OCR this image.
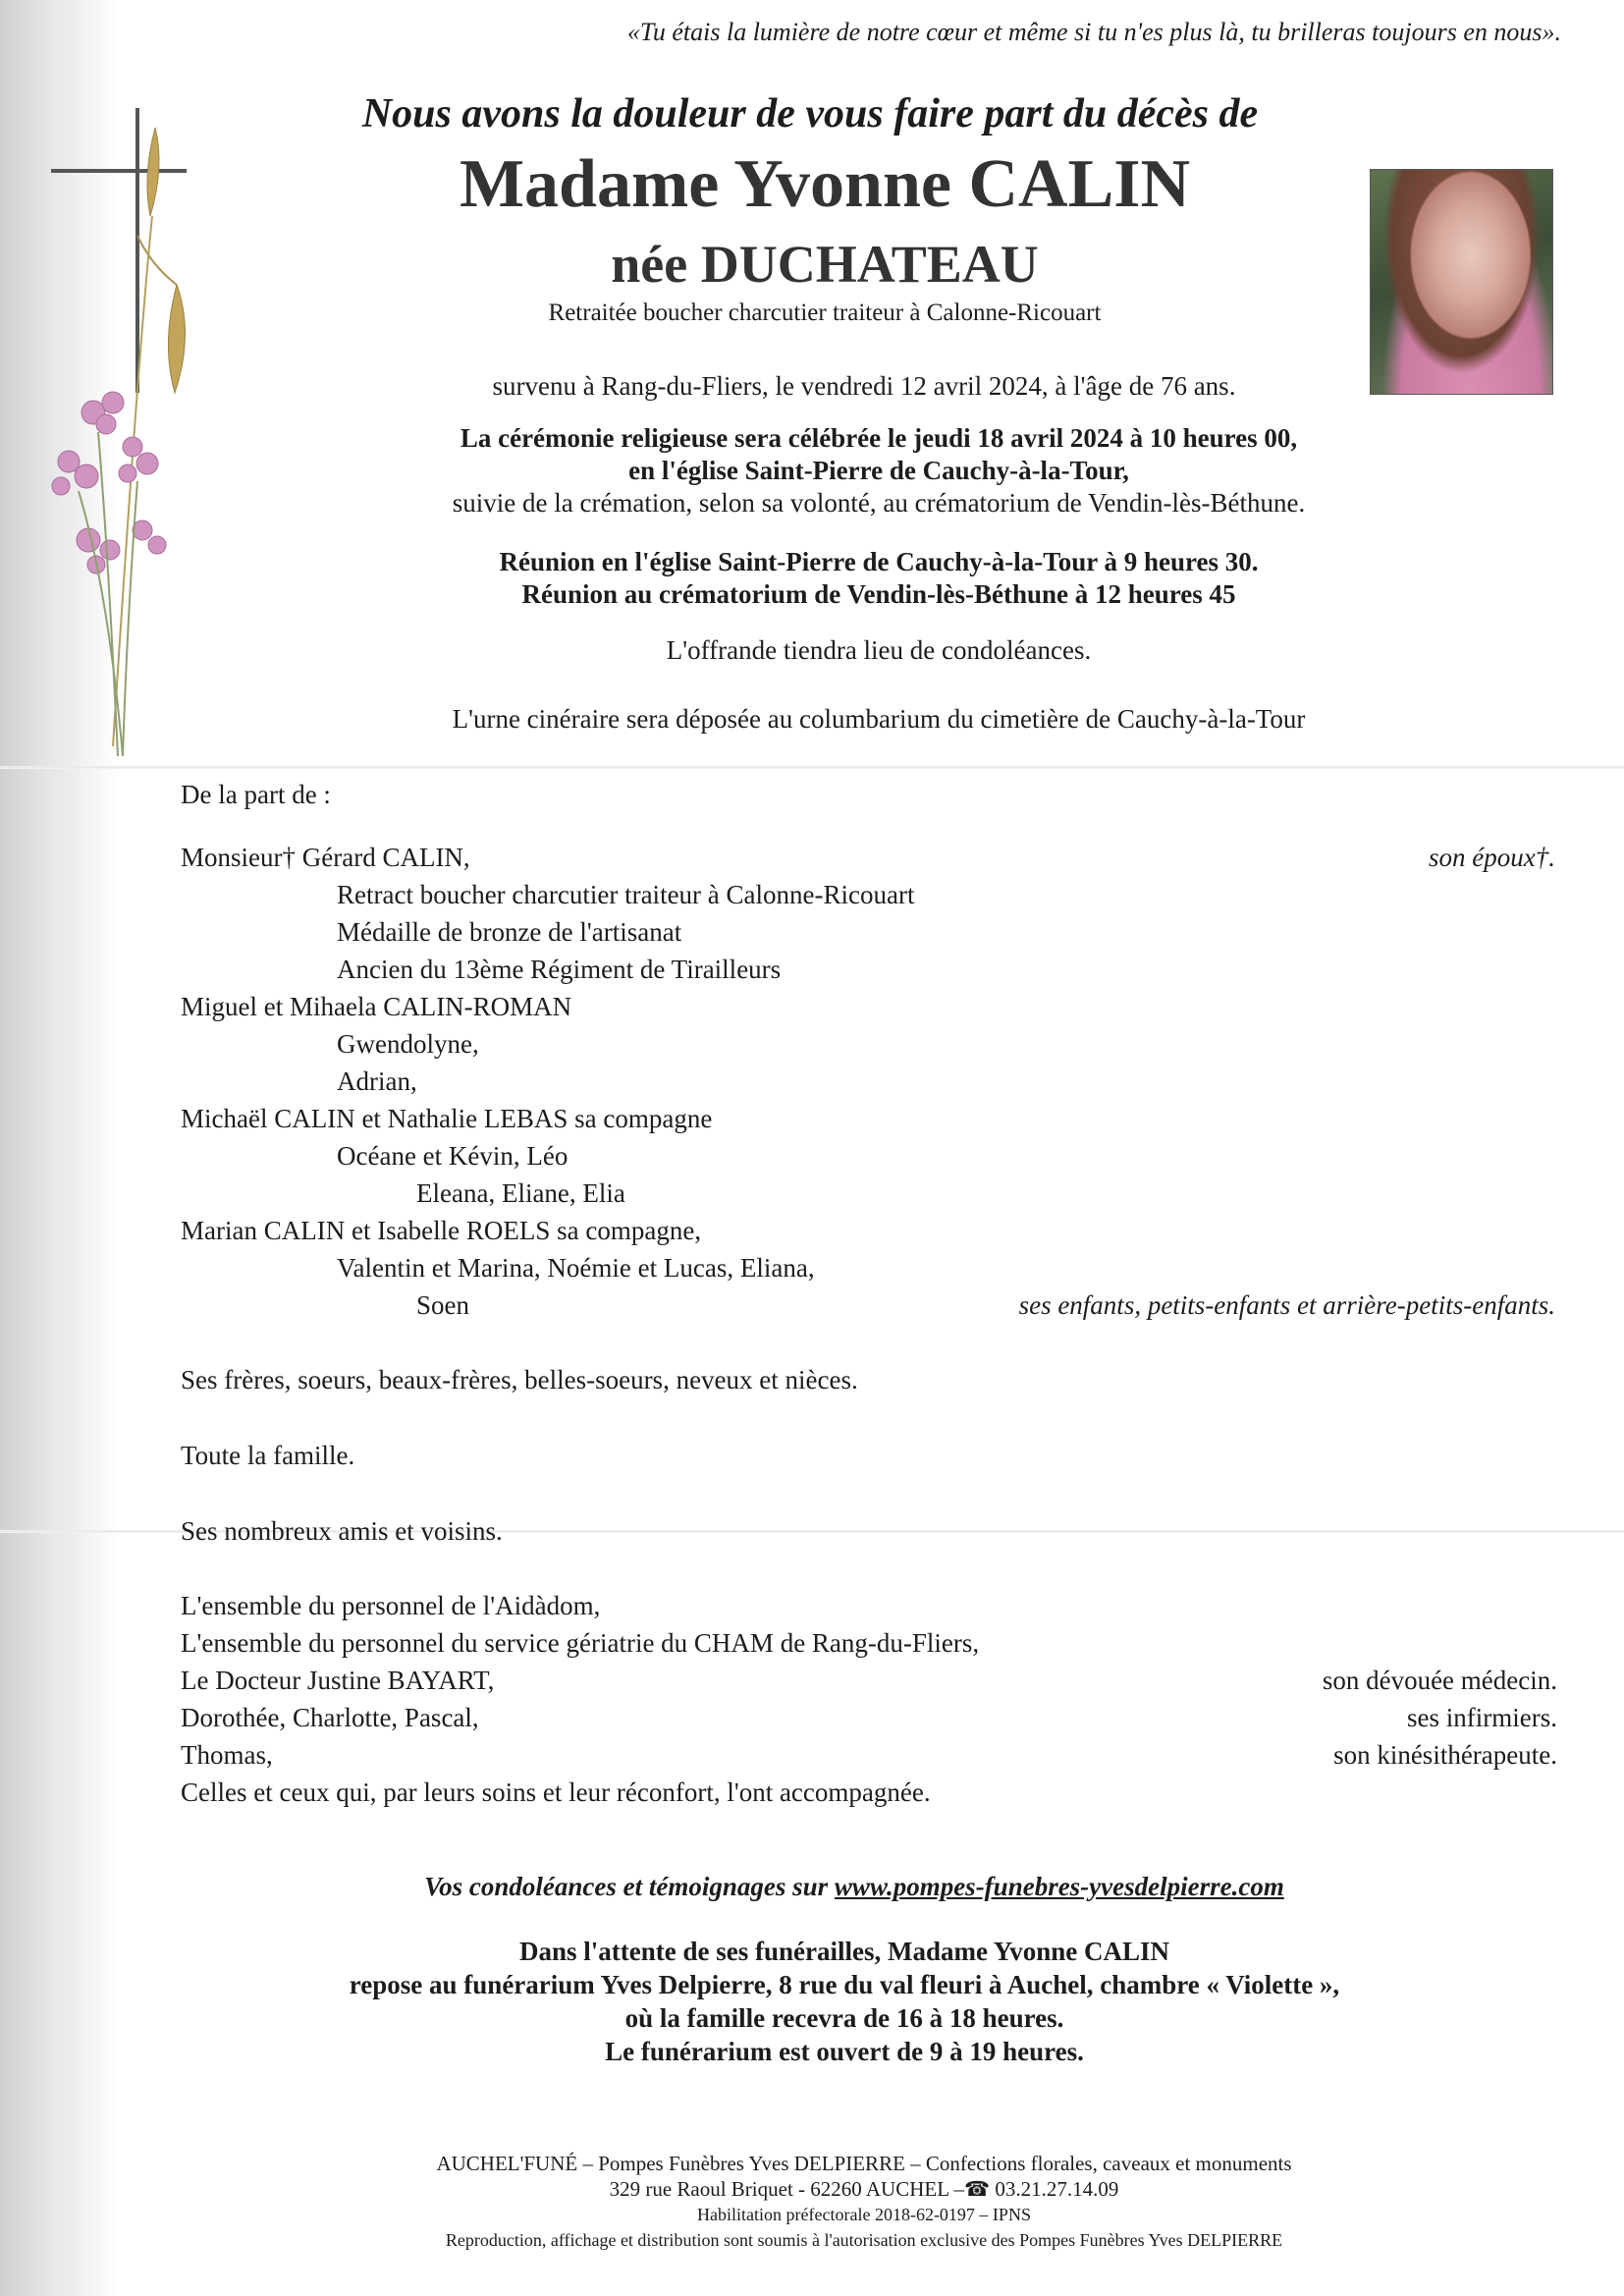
«Tu étais la lumière de notre cœur et même si tu n'es plus là, tu brilleras toujours en nous».
Nous avons la douleur de vous faire part du décès de
Madame Yvonne CALIN
née DUCHATEAU
Retraitée boucher charcutier traiteur à Calonne-Ricouart
survenu à Rang-du-Fliers, le vendredi 12 avril 2024, à l'âge de 76 ans.
La cérémonie religieuse sera célébrée le jeudi 18 avril 2024 à 10 heures 00,
en l'église Saint-Pierre de Cauchy-à-la-Tour,
suivie de la crémation, selon sa volonté, au crématorium de Vendin-lès-Béthune.
Réunion en l'église Saint-Pierre de Cauchy-à-la-Tour à 9 heures 30.
Réunion au crématorium de Vendin-lès-Béthune à 12 heures 45
L'offrande tiendra lieu de condoléances.
L'urne cinéraire sera déposée au columbarium du cimetière de Cauchy-à-la-Tour
De la part de :
Monsieur† Gérard CALIN,	son époux†.
Retract boucher charcutier traiteur à Calonne-Ricouart
Médaille de bronze de l'artisanat
Ancien du 13ème Régiment de Tirailleurs
Miguel et Mihaela CALIN-ROMAN
Gwendolyne,
Adrian,
Michaël CALIN et Nathalie LEBAS sa compagne
Océane et Kévin, Léo
Eleana, Eliane, Elia
Marian CALIN et Isabelle ROELS sa compagne,
Valentin et Marina, Noémie et Lucas, Eliana,
Soen	ses enfants, petits-enfants et arrière-petits-enfants.
Ses frères, soeurs, beaux-frères, belles-soeurs, neveux et nièces.
Toute la famille.
Ses nombreux amis et voisins.
L'ensemble du personnel de l'Aidàdom,
L'ensemble du personnel du service gériatrie du CHAM de Rang-du-Fliers,
Le Docteur Justine BAYART,	son dévouée médecin.
Dorothée, Charlotte, Pascal,	ses infirmiers.
Thomas,	son kinésithérapeute.
Celles et ceux qui, par leurs soins et leur réconfort, l'ont accompagnée.
Vos condoléances et témoignages sur www.pompes-funebres-yvesdelpierre.com
Dans l'attente de ses funérailles, Madame Yvonne CALIN
repose au funérarium Yves Delpierre, 8 rue du val fleuri à Auchel, chambre « Violette »,
où la famille recevra de 16 à 18 heures.
Le funérarium est ouvert de 9 à 19 heures.
AUCHEL'FUNÉ – Pompes Funèbres Yves DELPIERRE – Confections florales, caveaux et monuments
329 rue Raoul Briquet - 62260 AUCHEL –☎ 03.21.27.14.09
Habilitation préfectorale 2018-62-0197 – IPNS
Reproduction, affichage et distribution sont soumis à l'autorisation exclusive des Pompes Funèbres Yves DELPIERRE
